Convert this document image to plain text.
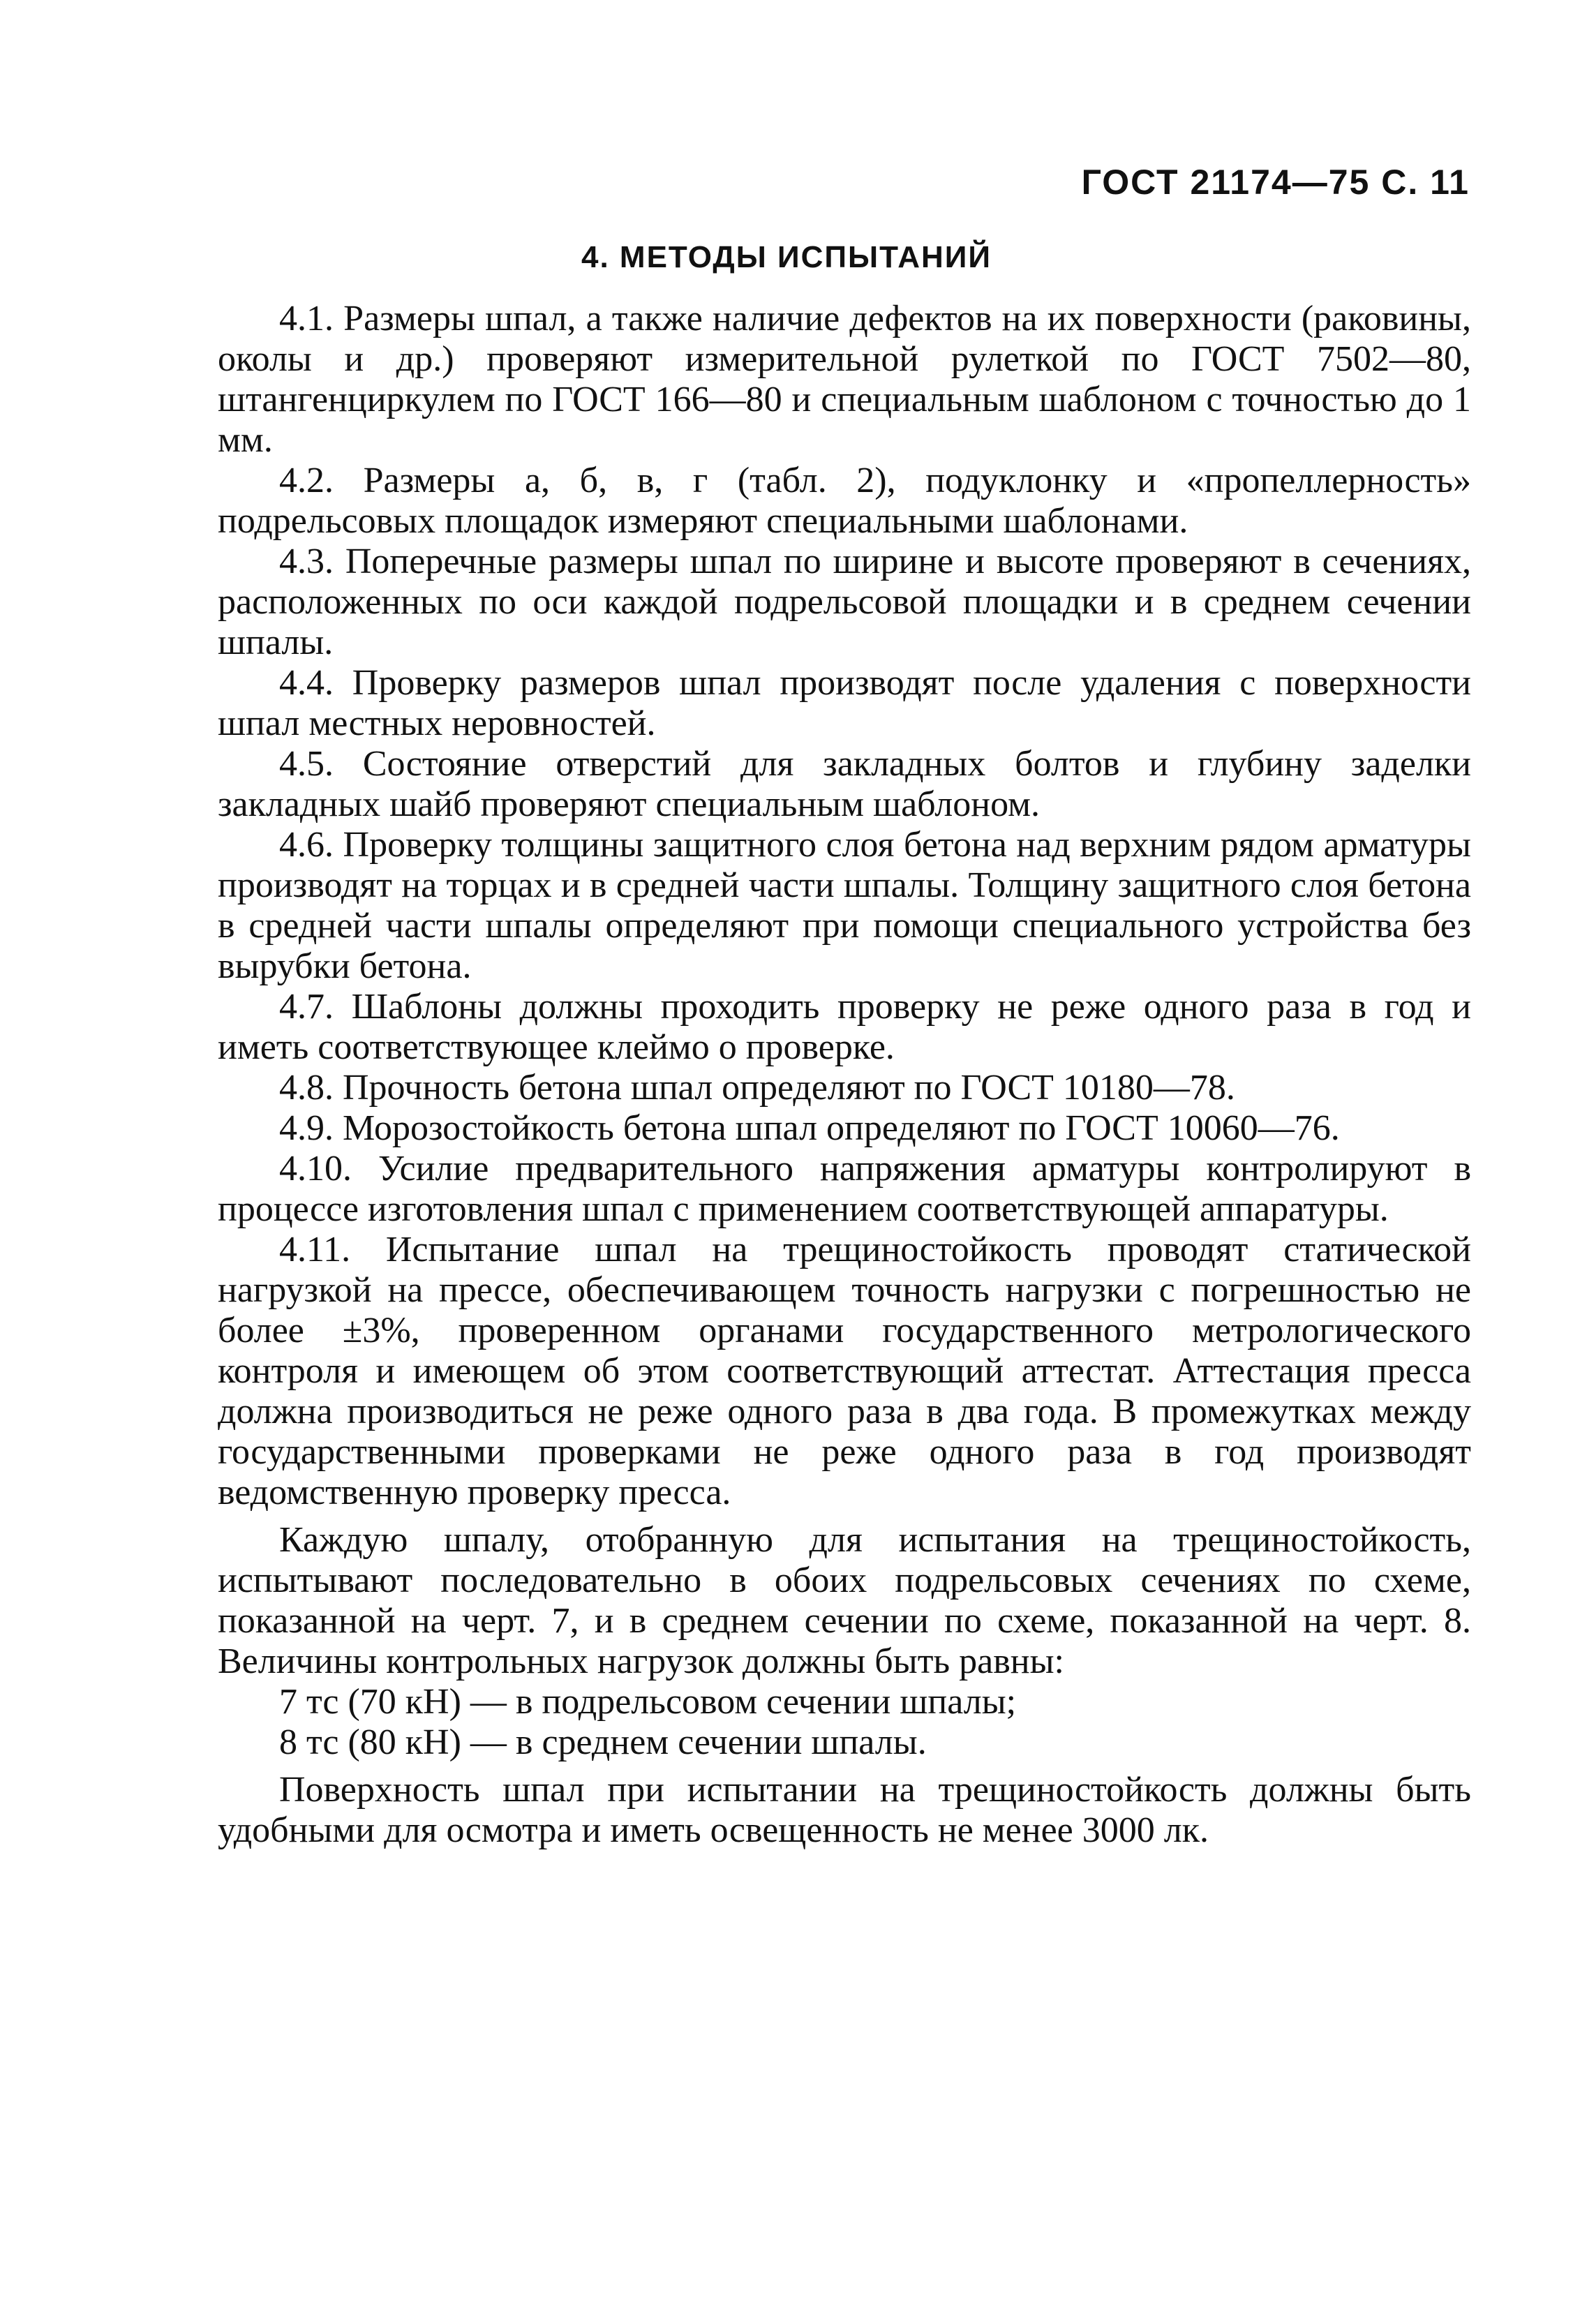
ГОСТ 21174—75 С. 11

4. МЕТОДЫ ИСПЫТАНИЙ

4.1. Размеры шпал, а также наличие дефектов на их поверхности (раковины, околы и др.) проверяют измерительной рулеткой по ГОСТ 7502—80, штангенциркулем по ГОСТ 166—80 и специальным шаблоном с точностью до 1 мм.

4.2. Размеры а, б, в, г (табл. 2), подуклонку и «пропеллерность» подрельсовых площадок измеряют специальными шаблонами.

4.3. Поперечные размеры шпал по ширине и высоте проверяют в сечениях, расположенных по оси каждой подрельсовой площадки и в среднем сечении шпалы.

4.4. Проверку размеров шпал производят после удаления с поверхности шпал местных неровностей.

4.5. Состояние отверстий для закладных болтов и глубину заделки закладных шайб проверяют специальным шаблоном.

4.6. Проверку толщины защитного слоя бетона над верхним рядом арматуры производят на торцах и в средней части шпалы. Толщину защитного слоя бетона в средней части шпалы определяют при помощи специального устройства без вырубки бетона.

4.7. Шаблоны должны проходить проверку не реже одного раза в год и иметь соответствующее клеймо о проверке.

4.8. Прочность бетона шпал определяют по ГОСТ 10180—78.

4.9. Морозостойкость бетона шпал определяют по ГОСТ 10060—76.

4.10. Усилие предварительного напряжения арматуры контролируют в процессе изготовления шпал с применением соответствующей аппаратуры.

4.11. Испытание шпал на трещиностойкость проводят статической нагрузкой на прессе, обеспечивающем точность нагрузки с погрешностью не более ±3%, проверенном органами государственного метрологического контроля и имеющем об этом соответствующий аттестат. Аттестация пресса должна производиться не реже одного раза в два года. В промежутках между государственными проверками не реже одного раза в год производят ведомственную проверку пресса.

Каждую шпалу, отобранную для испытания на трещиностойкость, испытывают последовательно в обоих подрельсовых сечениях по схеме, показанной на черт. 7, и в среднем сечении по схеме, показанной на черт. 8. Величины контрольных нагрузок должны быть равны:

7 тс (70 кН) — в подрельсовом сечении шпалы;

8 тс (80 кН) — в среднем сечении шпалы.

Поверхность шпал при испытании на трещиностойкость должны быть удобными для осмотра и иметь освещенность не менее 3000 лк.
